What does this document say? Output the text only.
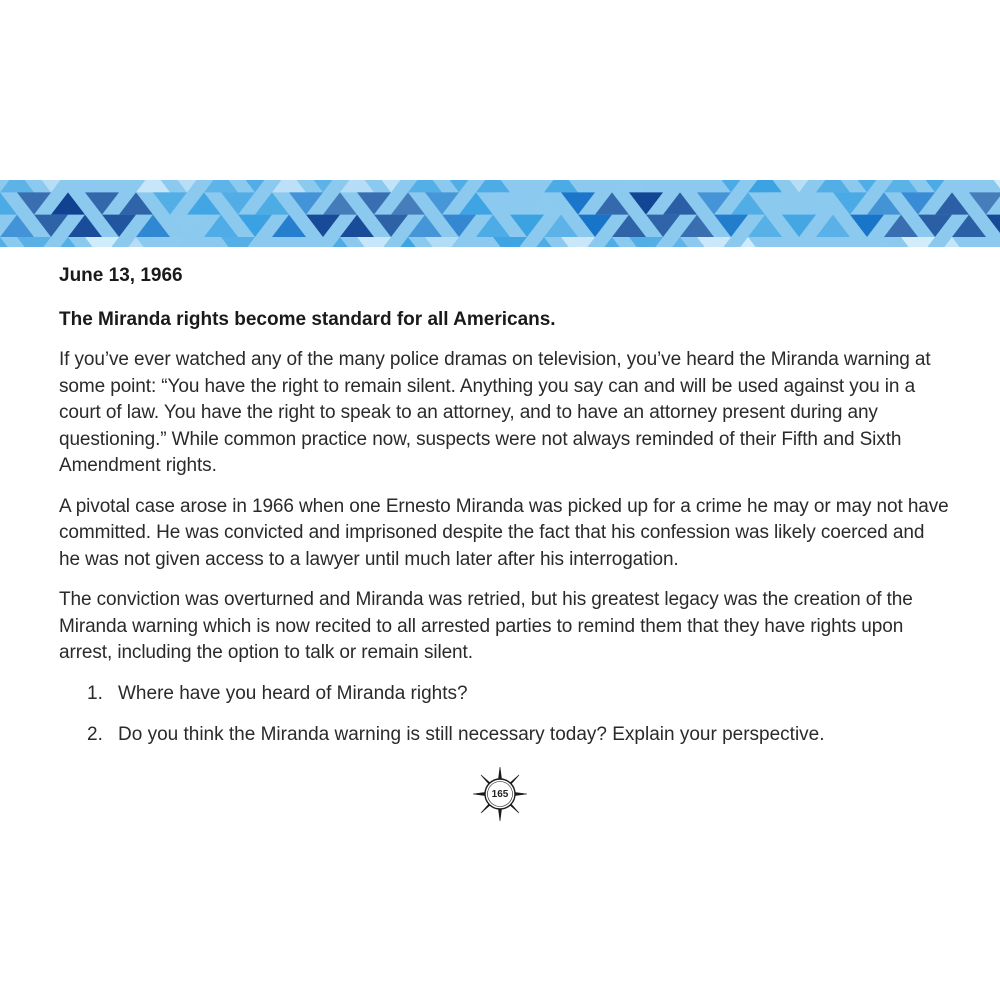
June 13, 1966
The Miranda rights become standard for all Americans.

If you’ve ever watched any of the many police dramas on television, you’ve heard the Miranda warning at some point: “You have the right to remain silent. Anything you say can and will be used against you in a court of law. You have the right to speak to an attorney, and to have an attorney present during any questioning.” While common practice now, suspects were not always reminded of their Fifth and Sixth Amendment rights.

A pivotal case arose in 1966 when one Ernesto Miranda was picked up for a crime he may or may not have committed. He was convicted and imprisoned despite the fact that his confession was likely coerced and he was not given access to a lawyer until much later after his interrogation.

The conviction was overturned and Miranda was retried, but his greatest legacy was the creation of the Miranda warning which is now recited to all arrested parties to remind them that they have rights upon arrest, including the option to talk or remain silent.

1. Where have you heard of Miranda rights?
2. Do you think the Miranda warning is still necessary today? Explain your perspective.
165
